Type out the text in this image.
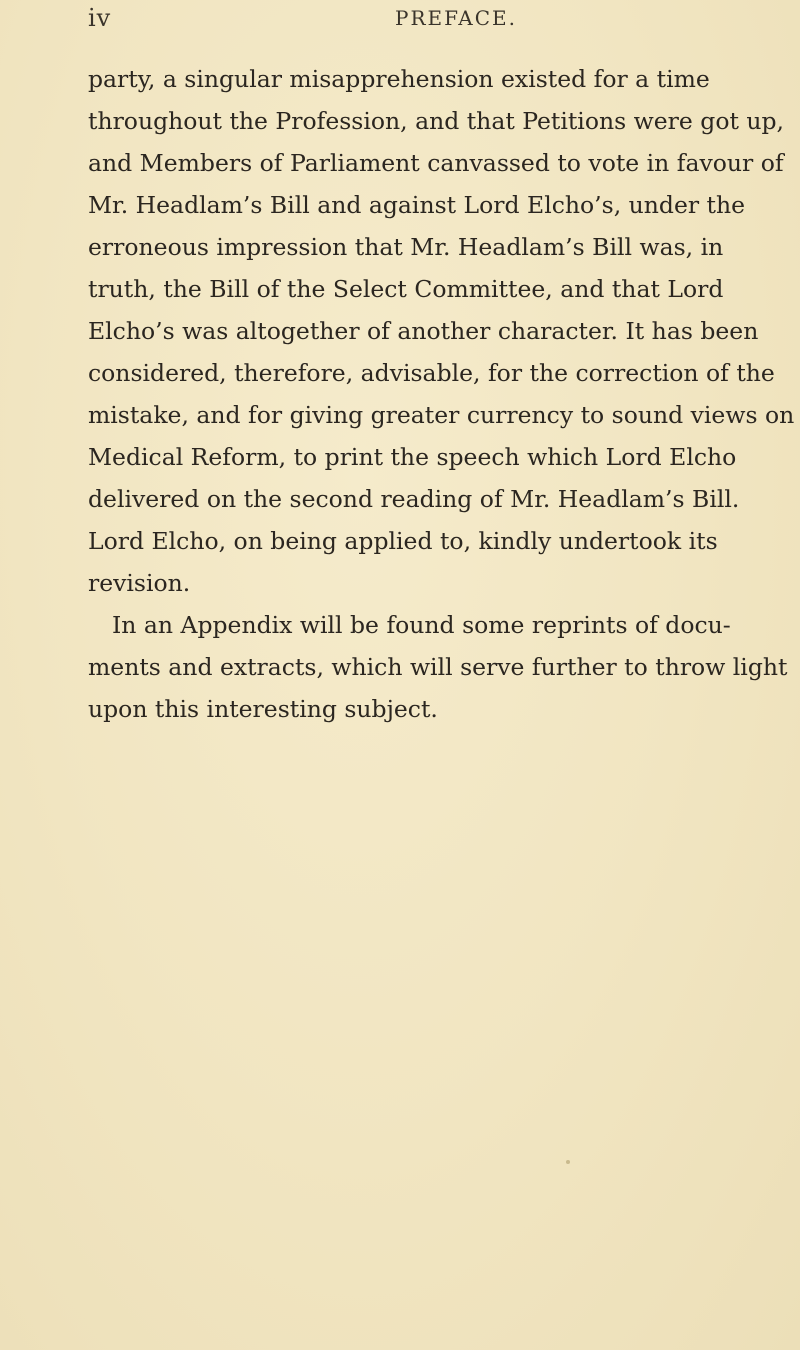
iv	PREFACE.
party, a singular misapprehension existed for a time
throughout the Profession, and that Petitions were got up,
and Members of Parliament canvassed to vote in favour of
Mr. Headlam’s Bill and against Lord Elcho’s, under the
erroneous impression that Mr. Headlam’s Bill was, in
truth, the Bill of the Select Committee, and that Lord
Elcho’s was altogether of another character. It has been
considered, therefore, advisable, for the correction of the
mistake, and for giving greater currency to sound views on
Medical Reform, to print the speech which Lord Elcho
delivered on the second reading of Mr. Headlam’s Bill.
Lord Elcho, on being applied to, kindly undertook its
revision.
In an Appendix will be found some reprints of docu-
ments and extracts, which will serve further to throw light
upon this interesting subject.
